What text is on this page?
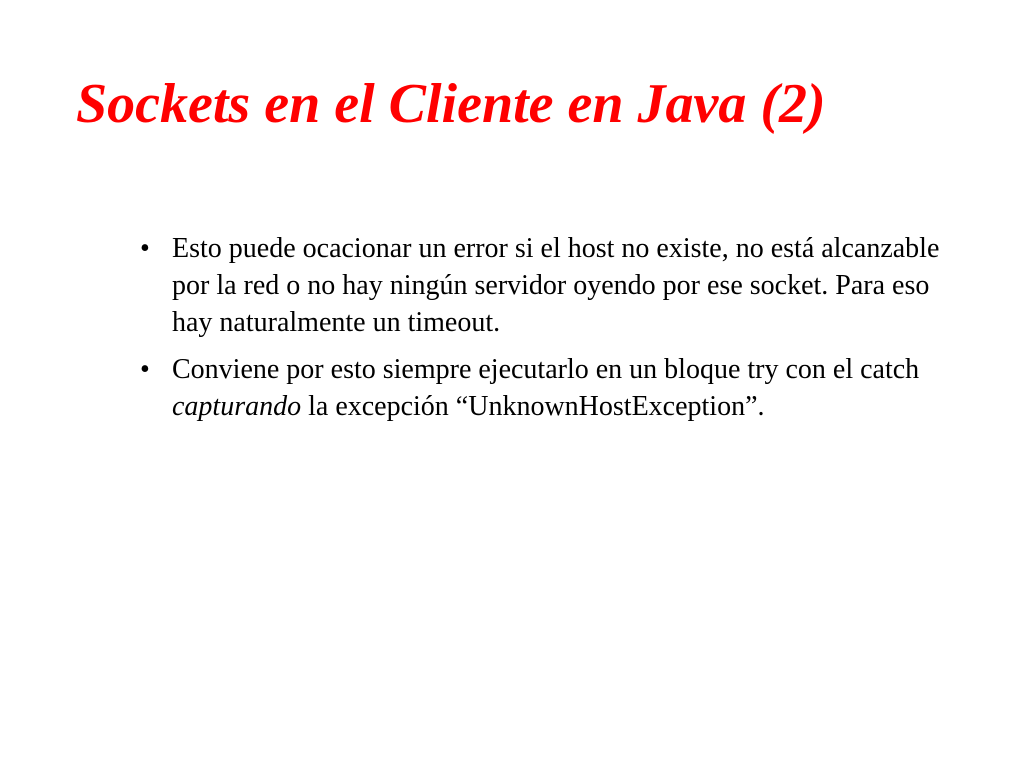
Sockets en el Cliente en Java (2)
• Esto puede ocacionar un error si el host no existe, no está alcanzable por la red o no hay ningún servidor oyendo por ese socket. Para eso hay naturalmente un timeout.
• Conviene por esto siempre ejecutarlo en un bloque try con el catch capturando la excepción “UnknownHostException”.
